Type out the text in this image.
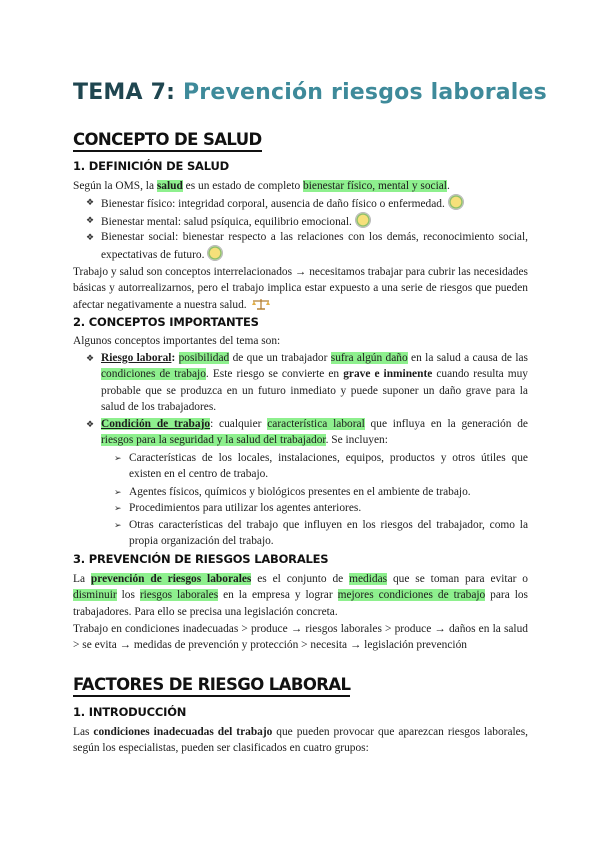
TEMA 7: Prevención riesgos laborales
CONCEPTO DE SALUD
1. DEFINICIÓN DE SALUD
Según la OMS, la salud es un estado de completo bienestar físico, mental y social.
❖ Bienestar físico: integridad corporal, ausencia de daño físico o enfermedad.
❖ Bienestar mental: salud psíquica, equilibrio emocional.
❖ Bienestar social: bienestar respecto a las relaciones con los demás, reconocimiento social, expectativas de futuro.
Trabajo y salud son conceptos interrelacionados → necesitamos trabajar para cubrir las necesidades básicas y autorrealizarnos, pero el trabajo implica estar expuesto a una serie de riesgos que pueden afectar negativamente a nuestra salud.
2. CONCEPTOS IMPORTANTES
Algunos conceptos importantes del tema son:
❖ Riesgo laboral: posibilidad de que un trabajador sufra algún daño en la salud a causa de las condiciones de trabajo. Este riesgo se convierte en grave e inminente cuando resulta muy probable que se produzca en un futuro inmediato y puede suponer un daño grave para la salud de los trabajadores.
❖ Condición de trabajo: cualquier característica laboral que influya en la generación de riesgos para la seguridad y la salud del trabajador. Se incluyen:
➢ Características de los locales, instalaciones, equipos, productos y otros útiles que existen en el centro de trabajo.
➢ Agentes físicos, químicos y biológicos presentes en el ambiente de trabajo.
➢ Procedimientos para utilizar los agentes anteriores.
➢ Otras características del trabajo que influyen en los riesgos del trabajador, como la propia organización del trabajo.
3. PREVENCIÓN DE RIESGOS LABORALES
La prevención de riesgos laborales es el conjunto de medidas que se toman para evitar o disminuir los riesgos laborales en la empresa y lograr mejores condiciones de trabajo para los trabajadores. Para ello se precisa una legislación concreta.
Trabajo en condiciones inadecuadas > produce → riesgos laborales > produce → daños en la salud > se evita → medidas de prevención y protección > necesita → legislación prevención
FACTORES DE RIESGO LABORAL
1. INTRODUCCIÓN
Las condiciones inadecuadas del trabajo que pueden provocar que aparezcan riesgos laborales, según los especialistas, pueden ser clasificados en cuatro grupos:
